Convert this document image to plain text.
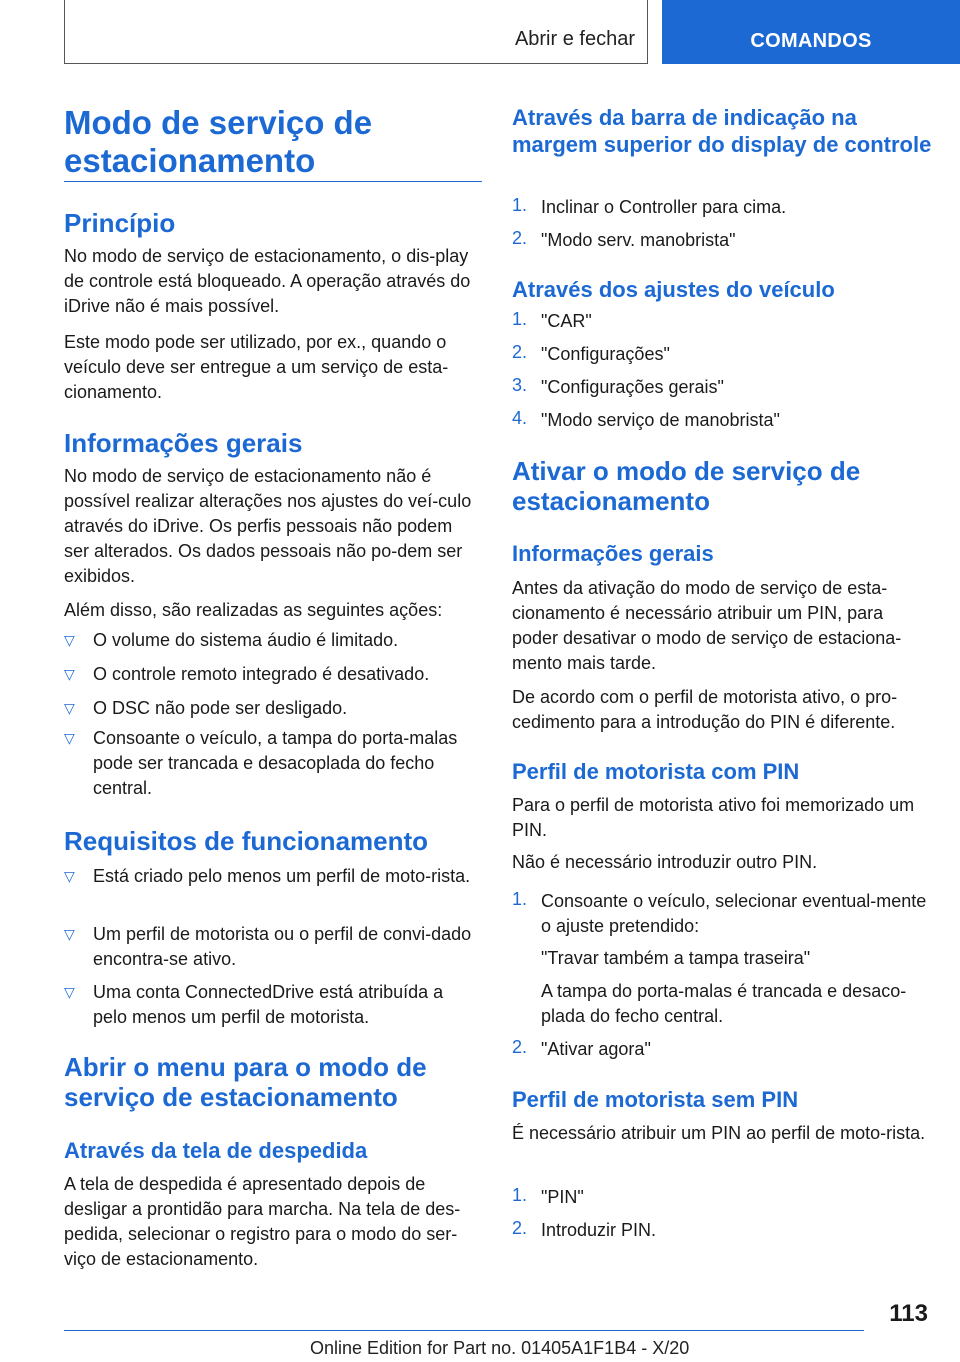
Abrir e fechar	COMANDOS
Modo de serviço de estacionamento
Princípio
No modo de serviço de estacionamento, o dis-play de controle está bloqueado. A operação através do iDrive não é mais possível.
Este modo pode ser utilizado, por ex., quando o veículo deve ser entregue a um serviço de esta-cionamento.
Informações gerais
No modo de serviço de estacionamento não é possível realizar alterações nos ajustes do veí-culo através do iDrive. Os perfis pessoais não podem ser alterados. Os dados pessoais não po-dem ser exibidos.
Além disso, são realizadas as seguintes ações:
▽ O volume do sistema áudio é limitado.
▽ O controle remoto integrado é desativado.
▽ O DSC não pode ser desligado.
▽ Consoante o veículo, a tampa do porta-malas pode ser trancada e desacoplada do fecho central.
Requisitos de funcionamento
▽ Está criado pelo menos um perfil de moto-rista.
▽ Um perfil de motorista ou o perfil de convi-dado encontra-se ativo.
▽ Uma conta ConnectedDrive está atribuída a pelo menos um perfil de motorista.
Abrir o menu para o modo de serviço de estacionamento
Através da tela de despedida
A tela de despedida é apresentado depois de desligar a prontidão para marcha. Na tela de des-pedida, selecionar o registro para o modo do ser-viço de estacionamento.
Através da barra de indicação na margem superior do display de controle
1. Inclinar o Controller para cima.
2. "Modo serv. manobrista"
Através dos ajustes do veículo
1. "CAR"
2. "Configurações"
3. "Configurações gerais"
4. "Modo serviço de manobrista"
Ativar o modo de serviço de estacionamento
Informações gerais
Antes da ativação do modo de serviço de esta-cionamento é necessário atribuir um PIN, para poder desativar o modo de serviço de estaciona-mento mais tarde.
De acordo com o perfil de motorista ativo, o pro-cedimento para a introdução do PIN é diferente.
Perfil de motorista com PIN
Para o perfil de motorista ativo foi memorizado um PIN.
Não é necessário introduzir outro PIN.
1. Consoante o veículo, selecionar eventual-mente o ajuste pretendido:
"Travar também a tampa traseira"
A tampa do porta-malas é trancada e desaco-plada do fecho central.
2. "Ativar agora"
Perfil de motorista sem PIN
É necessário atribuir um PIN ao perfil de moto-rista.
1. "PIN"
2. Introduzir PIN.
113
Online Edition for Part no. 01405A1F1B4 - X/20
